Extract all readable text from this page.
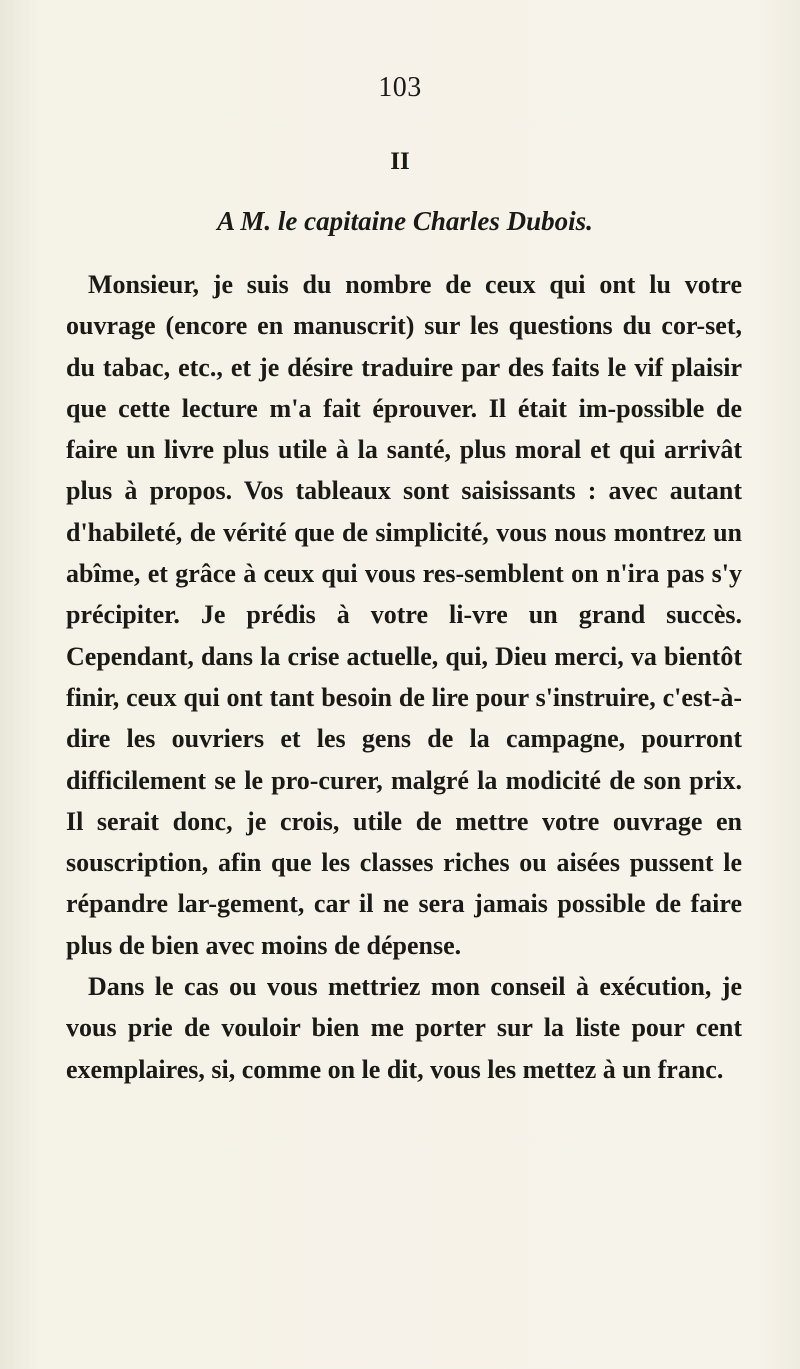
103
II
A M. le capitaine Charles Dubois.

Monsieur, je suis du nombre de ceux qui ont lu votre ouvrage (encore en manuscrit) sur les questions du cor-set, du tabac, etc., et je désire traduire par des faits le vif plaisir que cette lecture m'a fait éprouver. Il était im-possible de faire un livre plus utile à la santé, plus moral et qui arrivât plus à propos. Vos tableaux sont saisissants : avec autant d'habileté, de vérité que de simplicité, vous nous montrez un abîme, et grâce à ceux qui vous res-semblent on n'ira pas s'y précipiter. Je prédis à votre li-vre un grand succès. Cependant, dans la crise actuelle, qui, Dieu merci, va bientôt finir, ceux qui ont tant besoin de lire pour s'instruire, c'est-à-dire les ouvriers et les gens de la campagne, pourront difficilement se le pro-curer, malgré la modicité de son prix. Il serait donc, je crois, utile de mettre votre ouvrage en souscription, afin que les classes riches ou aisées pussent le répandre lar-gement, car il ne sera jamais possible de faire plus de bien avec moins de dépense.

Dans le cas ou vous mettriez mon conseil à exécution, je vous prie de vouloir bien me porter sur la liste pour cent exemplaires, si, comme on le dit, vous les mettez à un franc.
